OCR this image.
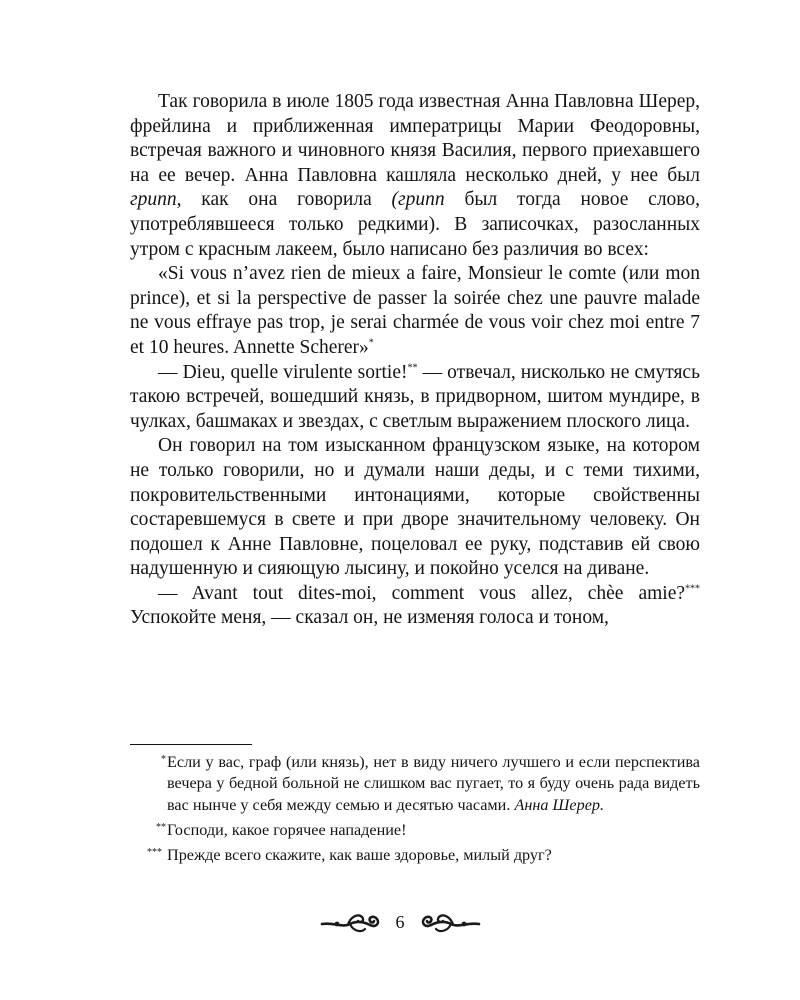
Так говорила в июле 1805 года известная Анна Павловна Шерер, фрейлина и приближенная императрицы Марии Феодоровны, встречая важного и чиновного князя Василия, первого приехавшего на ее вечер. Анна Павловна кашляла несколько дней, у нее был грипп, как она говорила (грипп был тогда новое слово, употреблявшееся только редкими). В записочках, разосланных утром с красным лакеем, было написано без различия во всех:

«Si vous n’avez rien de mieux a faire, Monsieur le comte (или mon prince), et si la perspective de passer la soirée chez une pauvre malade ne vous effraye pas trop, je serai charmée de vous voir chez moi entre 7 et 10 heures. Annette Scherer»*

— Dieu, quelle virulente sortie!** — отвечал, нисколько не смутясь такою встречей, вошедший князь, в придворном, шитом мундире, в чулках, башмаках и звездах, с светлым выражением плоского лица.

Он говорил на том изысканном французском языке, на котором не только говорили, но и думали наши деды, и с теми тихими, покровительственными интонациями, которые свойственны состаревшемуся в свете и при дворе значительному человеку. Он подошел к Анне Павловне, поцеловал ее руку, подставив ей свою надушенную и сияющую лысину, и покойно уселся на диване.

— Avant tout dites-moi, comment vous allez, chèe amie?*** Успокойте меня, — сказал он, не изменяя голоса и тоном,

* Если у вас, граф (или князь), нет в виду ничего лучшего и если перспектива вечера у бедной больной не слишком вас пугает, то я буду очень рада видеть вас нынче у себя между семью и десятью часами. Анна Шерер.

** Господи, какое горячее нападение!

*** Прежде всего скажите, как ваше здоровье, милый друг?

6
